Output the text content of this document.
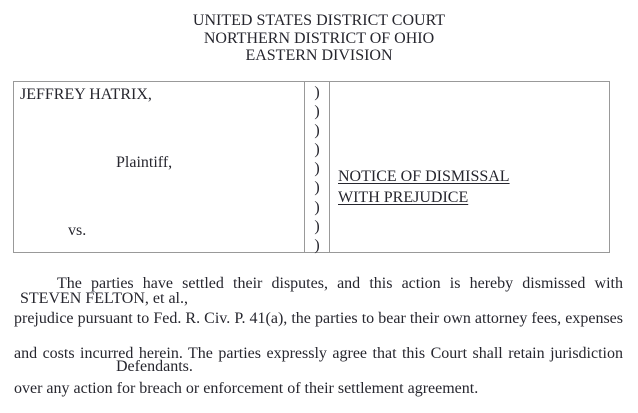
UNITED STATES DISTRICT COURT
NORTHERN DISTRICT OF OHIO
EASTERN DIVISION
JEFFREY HATRIX,

Plaintiff,

vs.

STEVEN FELTON, et al.,

Defendants.
)
)
)
)
)
)
)
)
)
NOTICE OF DISMISSAL WITH PREJUDICE
The parties have settled their disputes, and this action is hereby dismissed with prejudice pursuant to Fed. R. Civ. P. 41(a), the parties to bear their own attorney fees, expenses and costs incurred herein. The parties expressly agree that this Court shall retain jurisdiction over any action for breach or enforcement of their settlement agreement.
